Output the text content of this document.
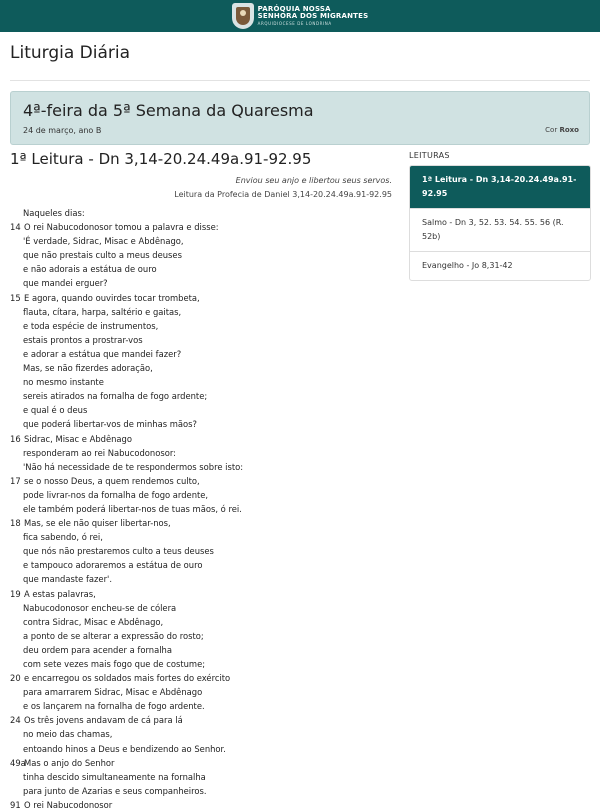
PARÓQUIA NOSSA
SENHORA DOS MIGRANTES
ARQUIDIOCESE DE LONDRINA
Liturgia Diária
4ª-feira da 5ª Semana da Quaresma
24 de março, ano B	Cor Roxo
1ª Leitura - Dn 3,14-20.24.49a.91-92.95
Enviou seu anjo e libertou seus servos.
Leitura da Profecia de Daniel 3,14-20.24.49a.91-92.95
Naqueles dias:
14 O rei Nabucodonosor tomou a palavra e disse:
'É verdade, Sidrac, Misac e Abdênago,
que não prestais culto a meus deuses
e não adorais a estátua de ouro
que mandei erguer?
15 E agora, quando ouvirdes tocar trombeta,
flauta, cítara, harpa, saltério e gaitas,
e toda espécie de instrumentos,
estais prontos a prostrar-vos
e adorar a estátua que mandei fazer?
Mas, se não fizerdes adoração,
no mesmo instante
sereis atirados na fornalha de fogo ardente;
e qual é o deus
que poderá libertar-vos de minhas mãos?
16 Sidrac, Misac e Abdênago
responderam ao rei Nabucodonosor:
'Não há necessidade de te respondermos sobre isto:
17 se o nosso Deus, a quem rendemos culto,
pode livrar-nos da fornalha de fogo ardente,
ele também poderá libertar-nos de tuas mãos, ó rei.
18 Mas, se ele não quiser libertar-nos,
fica sabendo, ó rei,
que nós não prestaremos culto a teus deuses
e tampouco adoraremos a estátua de ouro
que mandaste fazer'.
19 A estas palavras,
Nabucodonosor encheu-se de cólera
contra Sidrac, Misac e Abdênago,
a ponto de se alterar a expressão do rosto;
deu ordem para acender a fornalha
com sete vezes mais fogo que de costume;
20 e encarregou os soldados mais fortes do exército
para amarrarem Sidrac, Misac e Abdênago
e os lançarem na fornalha de fogo ardente.
24 Os três jovens andavam de cá para lá
no meio das chamas,
entoando hinos a Deus e bendizendo ao Senhor.
49a
Mas o anjo do Senhor
tinha descido simultaneamente na fornalha
para junto de Azarias e seus companheiros.
91 O rei Nabucodonosor
LEITURAS
1ª Leitura - Dn 3,14-20.24.49a.91-92.95
Salmo - Dn 3, 52. 53. 54. 55. 56 (R. 52b)
Evangelho - Jo 8,31-42
